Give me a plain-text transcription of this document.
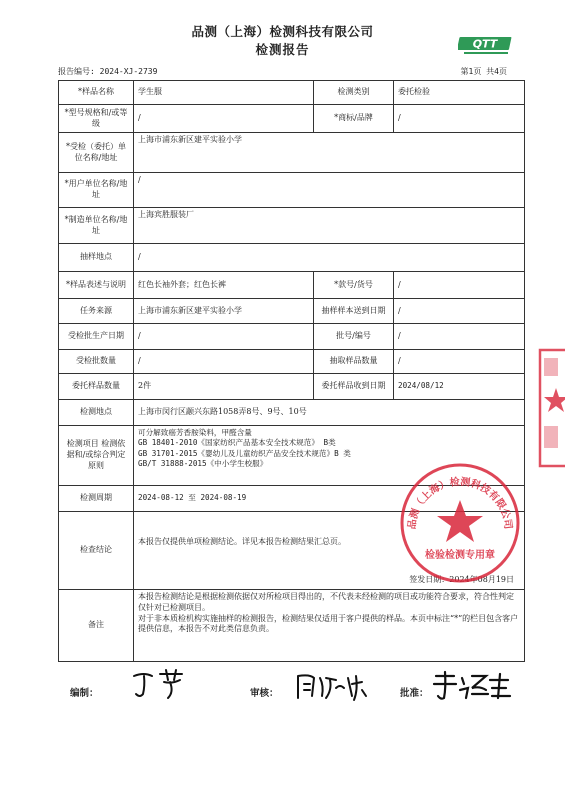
品测（上海）检测科技有限公司
检测报告	QTT
报告编号: 2024-XJ-2739	第1页 共4页
*样品名称	学生服	检测类别	委托检验
*型号规格和/或等级	/	*商标/品牌	/
*受检（委托）单位名称/地址	上海市浦东新区建平实验小学		
*用户单位名称/地址	/		
*制造单位名称/地址	上海宾胜服装厂		
抽样地点	/		
*样品表述与说明	红色长袖外套；红色长裤	*款号/货号	/
任务来源	上海市浦东新区建平实验小学	抽样样本送到日期	/
受检批生产日期	/	批号/编号	/
受检批数量	/	抽取样品数量	/
委托样品数量	2件	委托样品收到日期	2024/08/12
检测地点	上海市闵行区颛兴东路1058弄8号、9号、10号		
检测项目 检测依据和/或综合判定原则	可分解致癌芳香胺染料，甲醛含量
GB 18401-2010《国家纺织产品基本安全技术规范》 B类
GB 31701-2015《婴幼儿及儿童纺织产品安全技术规范》B 类
GB/T 31888-2015《中小学生校服》		

检测周期	2024-08-12 至 2024-08-19		
检查结论	本报告仅提供单项检测结论。详见本报告检测结果汇总页。
签发日期：2024年08月19日		

备注	本报告检测结论是根据检测依据仅对所检项目得出的，不代表未经检测的项目或功能符合要求，符合性判定仅针对已检测项目。
对于非本质检机构实施抽样的检测报告，检测结果仅适用于客户提供的样品。本页中标注“*”的栏目包含客户提供信息，本报告不对此类信息负责。		
品测（上海）检测科技有限公司
检验检测专用章
编制：	审核：	批准：
